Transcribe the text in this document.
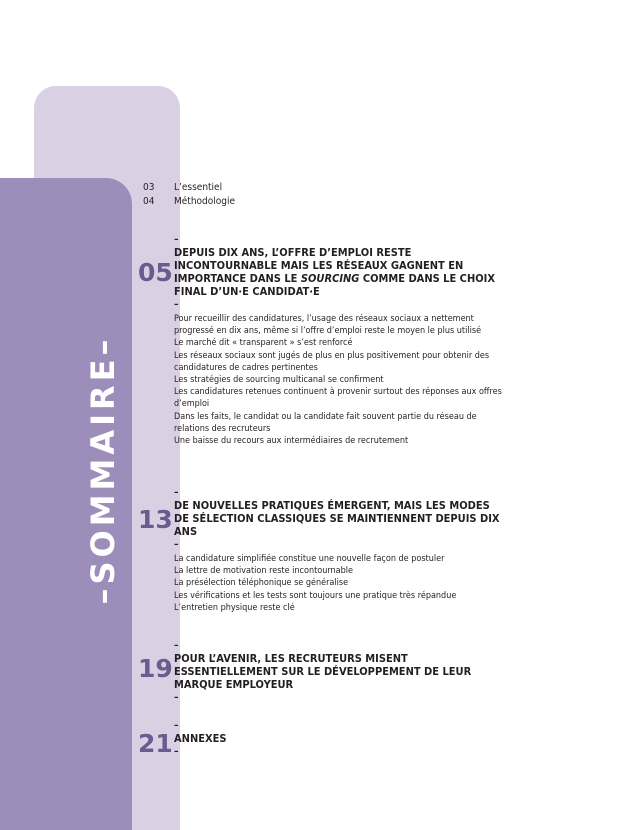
–SOMMAIRE–
03 L’essentiel
04 Méthodologie
05
–
DEPUIS DIX ANS, L’OFFRE D’EMPLOI RESTE INCONTOURNABLE MAIS LES RÉSEAUX GAGNENT EN IMPORTANCE DANS LE SOURCING COMME DANS LE CHOIX FINAL D’UN·E CANDIDAT·E
–
Pour recueillir des candidatures, l’usage des réseaux sociaux a nettement progressé en dix ans, même si l’offre d’emploi reste le moyen le plus utilisé
Le marché dit « transparent » s’est renforcé
Les réseaux sociaux sont jugés de plus en plus positivement pour obtenir des candidatures de cadres pertinentes
Les stratégies de sourcing multicanal se confirment
Les candidatures retenues continuent à provenir surtout des réponses aux offres d’emploi
Dans les faits, le candidat ou la candidate fait souvent partie du réseau de relations des recruteurs
Une baisse du recours aux intermédiaires de recrutement
13
–
DE NOUVELLES PRATIQUES ÉMERGENT, MAIS LES MODES DE SÉLECTION CLASSIQUES SE MAINTIENNENT DEPUIS DIX ANS
–
La candidature simplifiée constitue une nouvelle façon de postuler
La lettre de motivation reste incontournable
La présélection téléphonique se généralise
Les vérifications et les tests sont toujours une pratique très répandue
L’entretien physique reste clé
19
–
POUR L’AVENIR, LES RECRUTEURS MISENT ESSENTIELLEMENT SUR LE DÉVELOPPEMENT DE LEUR MARQUE EMPLOYEUR
–
21
–
ANNEXES
–
